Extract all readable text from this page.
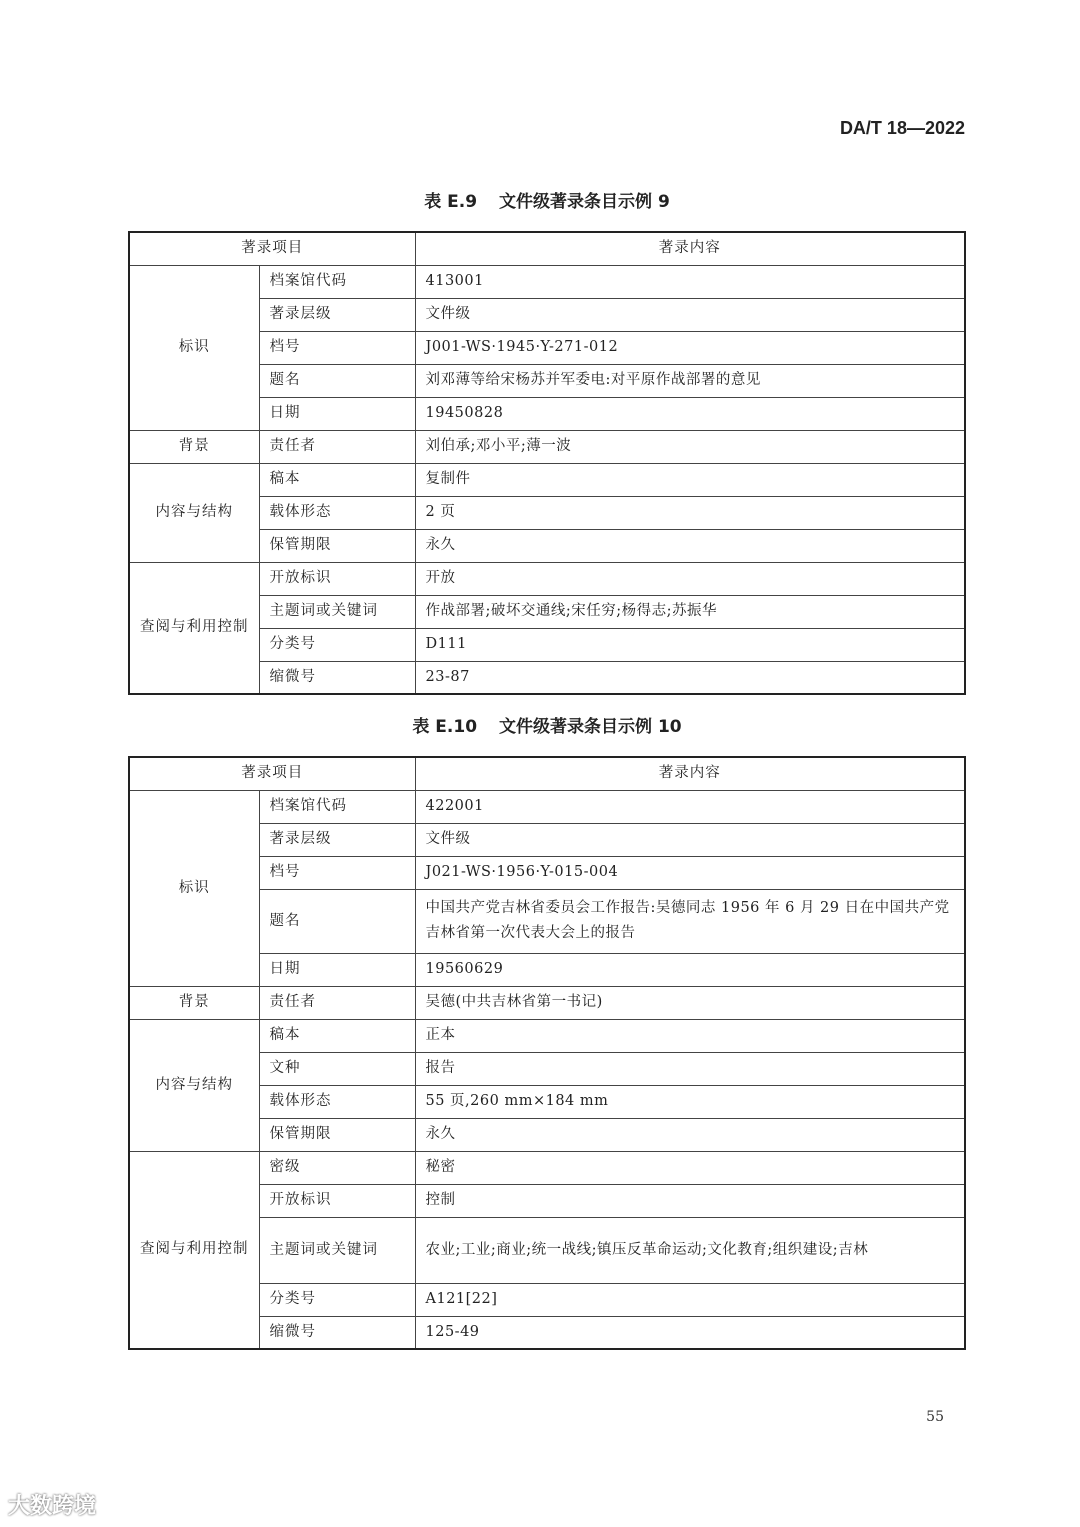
DA/T 18—2022
表 E.9 文件级著录条目示例 9
著录项目		著录内容
标识	档案馆代码	413001
	著录层级	文件级
	档号	J001-WS·1945·Y-271-012
	题名	刘邓薄等给宋杨苏并军委电:对平原作战部署的意见
	日期	19450828
背景	责任者	刘伯承;邓小平;薄一波
内容与结构	稿本	复制件
	载体形态	2 页
	保管期限	永久
查阅与利用控制	开放标识	开放
	主题词或关键词	作战部署;破坏交通线;宋任穷;杨得志;苏振华
	分类号	D111
	缩微号	23-87
表 E.10 文件级著录条目示例 10
著录项目		著录内容
标识	档案馆代码	422001
	著录层级	文件级
	档号	J021-WS·1956·Y-015-004
	题名	中国共产党吉林省委员会工作报告:吴德同志 1956 年 6 月 29 日在中国共产党吉林省第一次代表大会上的报告
	日期	19560629
背景	责任者	吴德(中共吉林省第一书记)
内容与结构	稿本	正本
	文种	报告
	载体形态	55 页,260 mm×184 mm
	保管期限	永久
查阅与利用控制	密级	秘密
	开放标识	控制
	主题词或关键词	农业;工业;商业;统一战线;镇压反革命运动;文化教育;组织建设;吉林
	分类号	A121[22]
	缩微号	125-49
55
大数跨境
